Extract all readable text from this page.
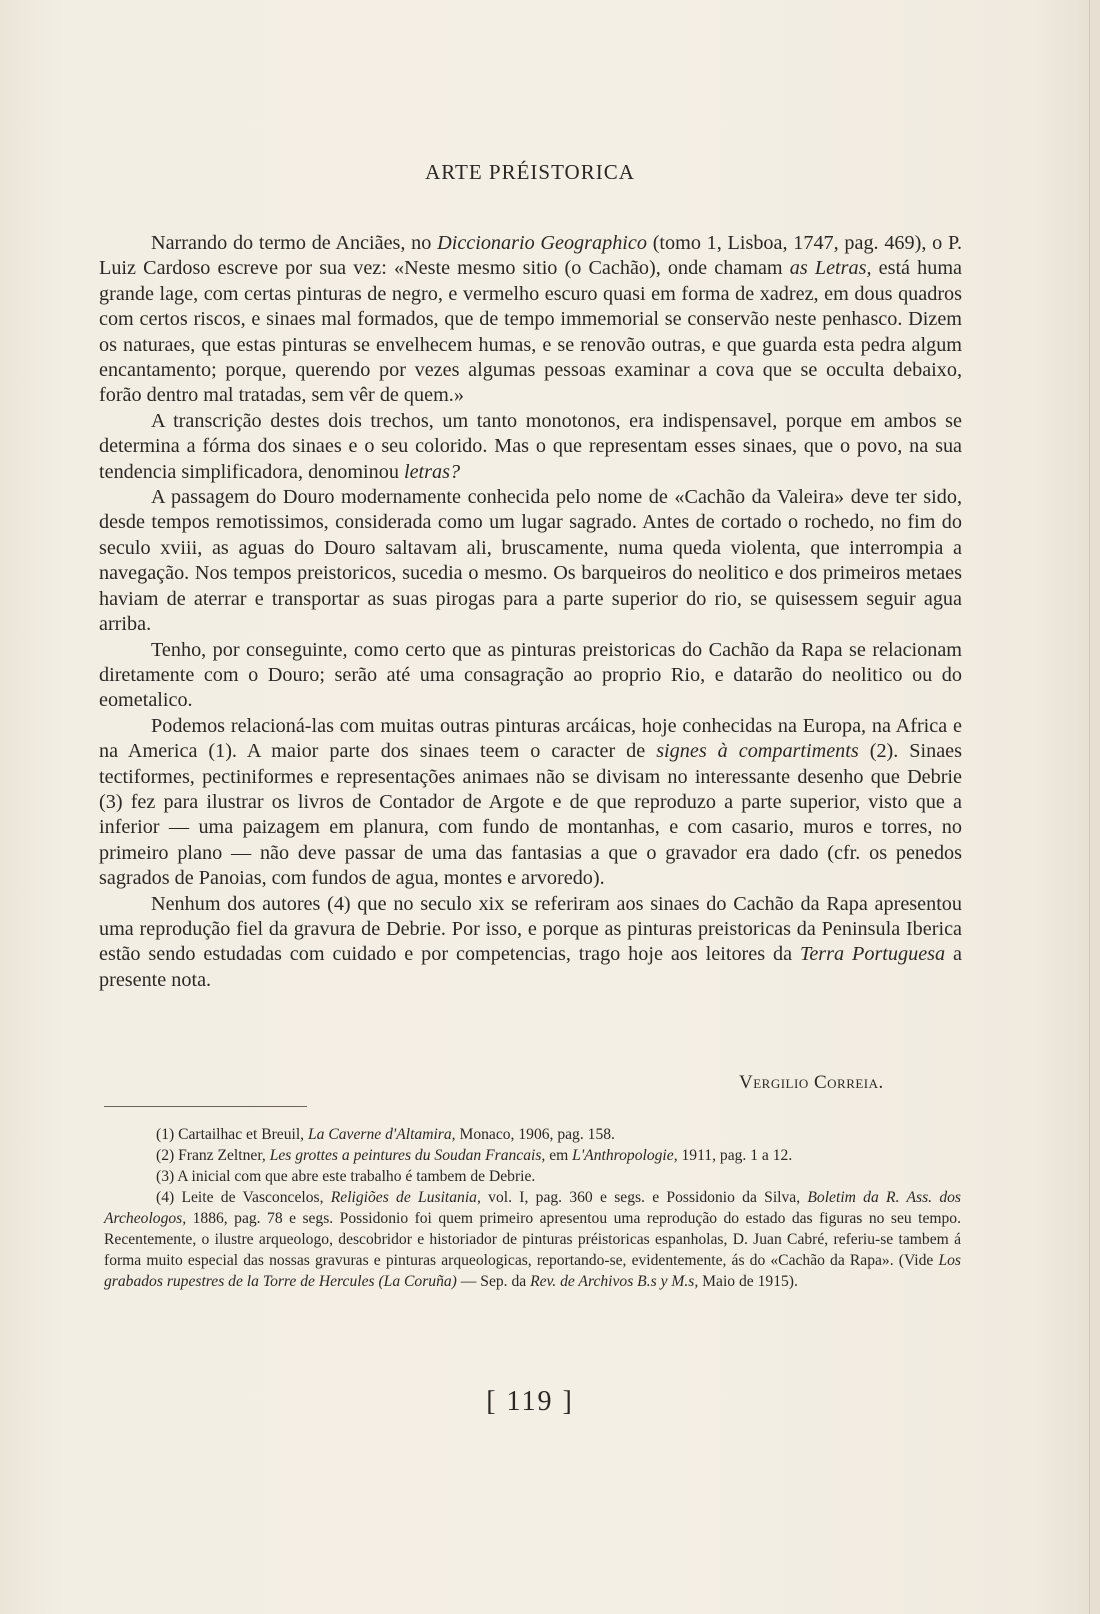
ARTE PRÉISTORICA

Narrando do termo de Anciães, no Diccionario Geographico (tomo 1, Lisboa, 1747, pag. 469), o P. Luiz Cardoso escreve por sua vez: «Neste mesmo sitio (o Cachão), onde chamam as Letras, está huma grande lage, com certas pinturas de negro, e vermelho escuro quasi em forma de xadrez, em dous quadros com certos riscos, e sinaes mal formados, que de tempo immemorial se conservão neste penhasco. Dizem os naturaes, que estas pinturas se envelhecem humas, e se renovão outras, e que guarda esta pedra algum encantamento; porque, querendo por vezes algumas pessoas examinar a cova que se occulta debaixo, forão dentro mal tratadas, sem vêr de quem.»

A transcrição destes dois trechos, um tanto monotonos, era indispensavel, porque em ambos se determina a fórma dos sinaes e o seu colorido. Mas o que representam esses sinaes, que o povo, na sua tendencia simplificadora, denominou letras?

A passagem do Douro modernamente conhecida pelo nome de «Cachão da Valeira» deve ter sido, desde tempos remotissimos, considerada como um lugar sagrado. Antes de cortado o rochedo, no fim do seculo xviii, as aguas do Douro saltavam ali, bruscamente, numa queda violenta, que interrompia a navegação. Nos tempos preistoricos, sucedia o mesmo. Os barqueiros do neolitico e dos primeiros metaes haviam de aterrar e transportar as suas pirogas para a parte superior do rio, se quisessem seguir agua arriba.

Tenho, por conseguinte, como certo que as pinturas preistoricas do Cachão da Rapa se relacionam diretamente com o Douro; serão até uma consagração ao proprio Rio, e datarão do neolitico ou do eometalico.

Podemos relacioná-las com muitas outras pinturas arcáicas, hoje conhecidas na Europa, na Africa e na America (1). A maior parte dos sinaes teem o caracter de signes à compartiments (2). Sinaes tectiformes, pectiniformes e representações animaes não se divisam no interessante desenho que Debrie (3) fez para ilustrar os livros de Contador de Argote e de que reproduzo a parte superior, visto que a inferior — uma paizagem em planura, com fundo de montanhas, e com casario, muros e torres, no primeiro plano — não deve passar de uma das fantasias a que o gravador era dado (cfr. os penedos sagrados de Panoias, com fundos de agua, montes e arvoredo).

Nenhum dos autores (4) que no seculo xix se referiram aos sinaes do Cachão da Rapa apresentou uma reprodução fiel da gravura de Debrie. Por isso, e porque as pinturas preistoricas da Peninsula Iberica estão sendo estudadas com cuidado e por competencias, trago hoje aos leitores da Terra Portuguesa a presente nota.

Vergilio Correia.

(1) Cartailhac et Breuil, La Caverne d'Altamira, Monaco, 1906, pag. 158.

(2) Franz Zeltner, Les grottes a peintures du Soudan Francais, em L'Anthropologie, 1911, pag. 1 a 12.

(3) A inicial com que abre este trabalho é tambem de Debrie.

(4) Leite de Vasconcelos, Religiões de Lusitania, vol. I, pag. 360 e segs. e Possidonio da Silva, Boletim da R. Ass. dos Archeologos, 1886, pag. 78 e segs. Possidonio foi quem primeiro apresentou uma reprodução do estado das figuras no seu tempo. Recentemente, o ilustre arqueologo, descobridor e historiador de pinturas préistoricas espanholas, D. Juan Cabré, referiu-se tambem á forma muito especial das nossas gravuras e pinturas arqueologicas, reportando-se, evidentemente, ás do «Cachão da Rapa». (Vide Los grabados rupestres de la Torre de Hercules (La Coruña) — Sep. da Rev. de Archivos B.s y M.s, Maio de 1915).

[ 119 ]
